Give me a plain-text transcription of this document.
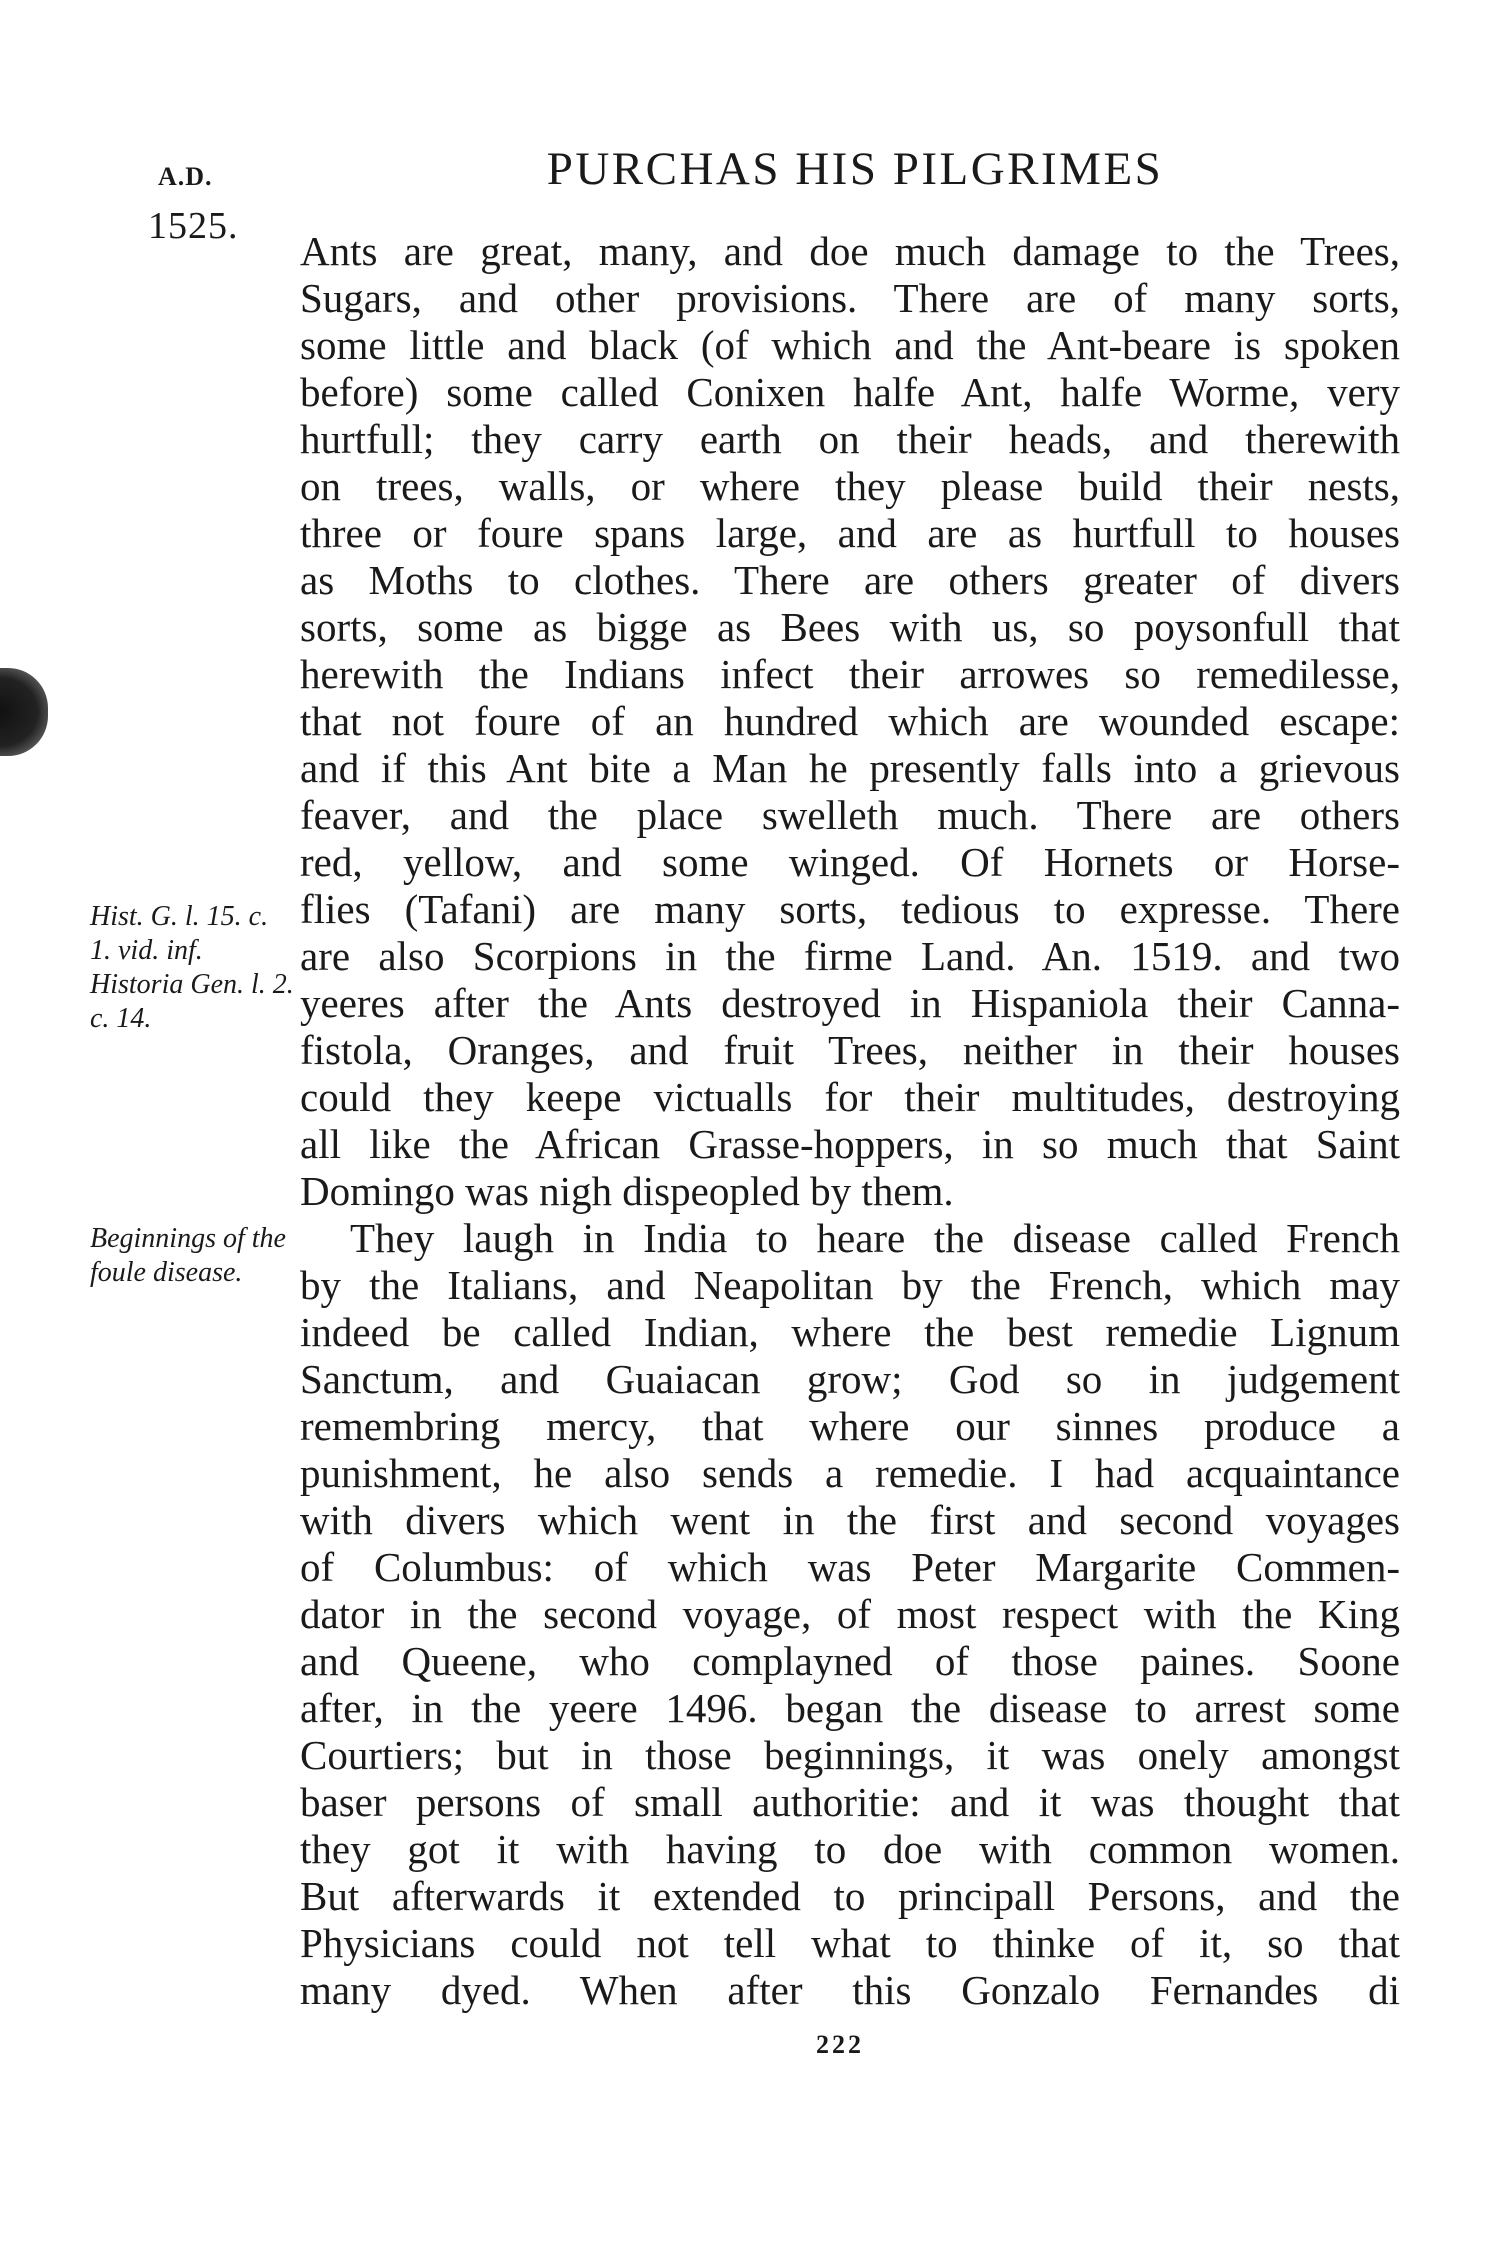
A.D.
1525.
PURCHAS HIS PILGRIMES
Hist. G. l. 15. c. 1. vid. inf. Historia Gen. l. 2. c. 14.
Beginnings of the foule disease.
Ants are great, many, and doe much damage to the Trees,
Sugars, and other provisions. There are of many sorts,
some little and black (of which and the Ant-beare is spoken
before) some called Conixen halfe Ant, halfe Worme, very
hurtfull; they carry earth on their heads, and therewith
on trees, walls, or where they please build their nests,
three or foure spans large, and are as hurtfull to houses
as Moths to clothes. There are others greater of divers
sorts, some as bigge as Bees with us, so poysonfull that
herewith the Indians infect their arrowes so remedilesse,
that not foure of an hundred which are wounded escape:
and if this Ant bite a Man he presently falls into a grievous
feaver, and the place swelleth much. There are others
red, yellow, and some winged. Of Hornets or Horse-
flies (Tafani) are many sorts, tedious to expresse. There
are also Scorpions in the firme Land. An. 1519. and two
yeeres after the Ants destroyed in Hispaniola their Canna-
fistola, Oranges, and fruit Trees, neither in their houses
could they keepe victualls for their multitudes, destroying
all like the African Grasse-hoppers, in so much that Saint
Domingo was nigh dispeopled by them.
They laugh in India to heare the disease called French
by the Italians, and Neapolitan by the French, which may
indeed be called Indian, where the best remedie Lignum
Sanctum, and Guaiacan grow; God so in judgement
remembring mercy, that where our sinnes produce a
punishment, he also sends a remedie. I had acquaintance
with divers which went in the first and second voyages
of Columbus: of which was Peter Margarite Commen-
dator in the second voyage, of most respect with the King
and Queene, who complayned of those paines. Soone
after, in the yeere 1496. began the disease to arrest some
Courtiers; but in those beginnings, it was onely amongst
baser persons of small authoritie: and it was thought that
they got it with having to doe with common women.
But afterwards it extended to principall Persons, and the
Physicians could not tell what to thinke of it, so that
many dyed. When after this Gonzalo Fernandes di
222
